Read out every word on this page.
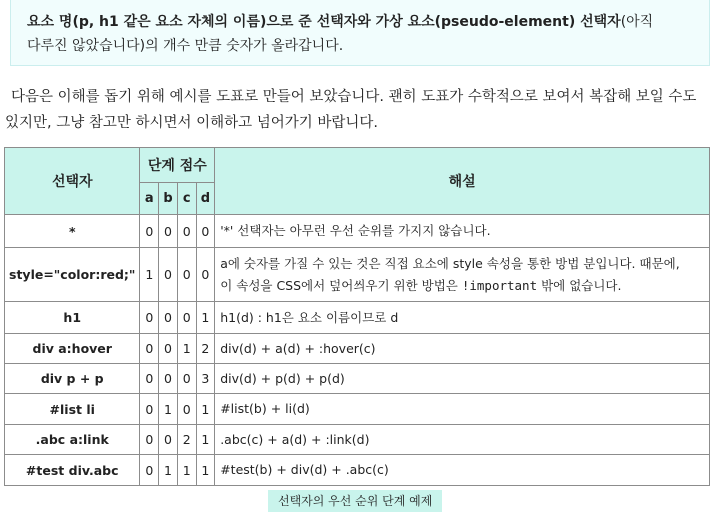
요소 명(p, h1 같은 요소 자체의 이름)으로 준 선택자와 가상 요소(pseudo-element) 선택자(아직
다루진 않았습니다)의 개수 만큼 숫자가 올라갑니다.

다음은 이해를 돕기 위해 예시를 도표로 만들어 보았습니다. 괜히 도표가 수학적으로 보여서 복잡해 보일 수도 있지만, 그냥 참고만 하시면서 이해하고 넘어가기 바랍니다.

선택자	단계 점수				해설
	a	b	c	d	
*	0	0	0	0	'*' 선택자는 아무런 우선 순위를 가지지 않습니다.
style="color:red;"	1	0	0	0	a에 숫자를 가질 수 있는 것은 직접 요소에 style 속성을 통한 방법 분입니다. 때문에,
이 속성을 CSS에서 덮어씌우기 위한 방법은 !important 밖에 없습니다.

h1	0	0	0	1	h1(d) : h1은 요소 이름이므로 d
div a:hover	0	0	1	2	div(d) + a(d) + :hover(c)
div p + p	0	0	0	3	div(d) + p(d) + p(d)
#list li	0	1	0	1	#list(b) + li(d)
.abc a:link	0	0	2	1	.abc(c) + a(d) + :link(d)
#test div.abc	0	1	1	1	#test(b) + div(d) + .abc(c)
선택자의 우선 순위 단계 예제
